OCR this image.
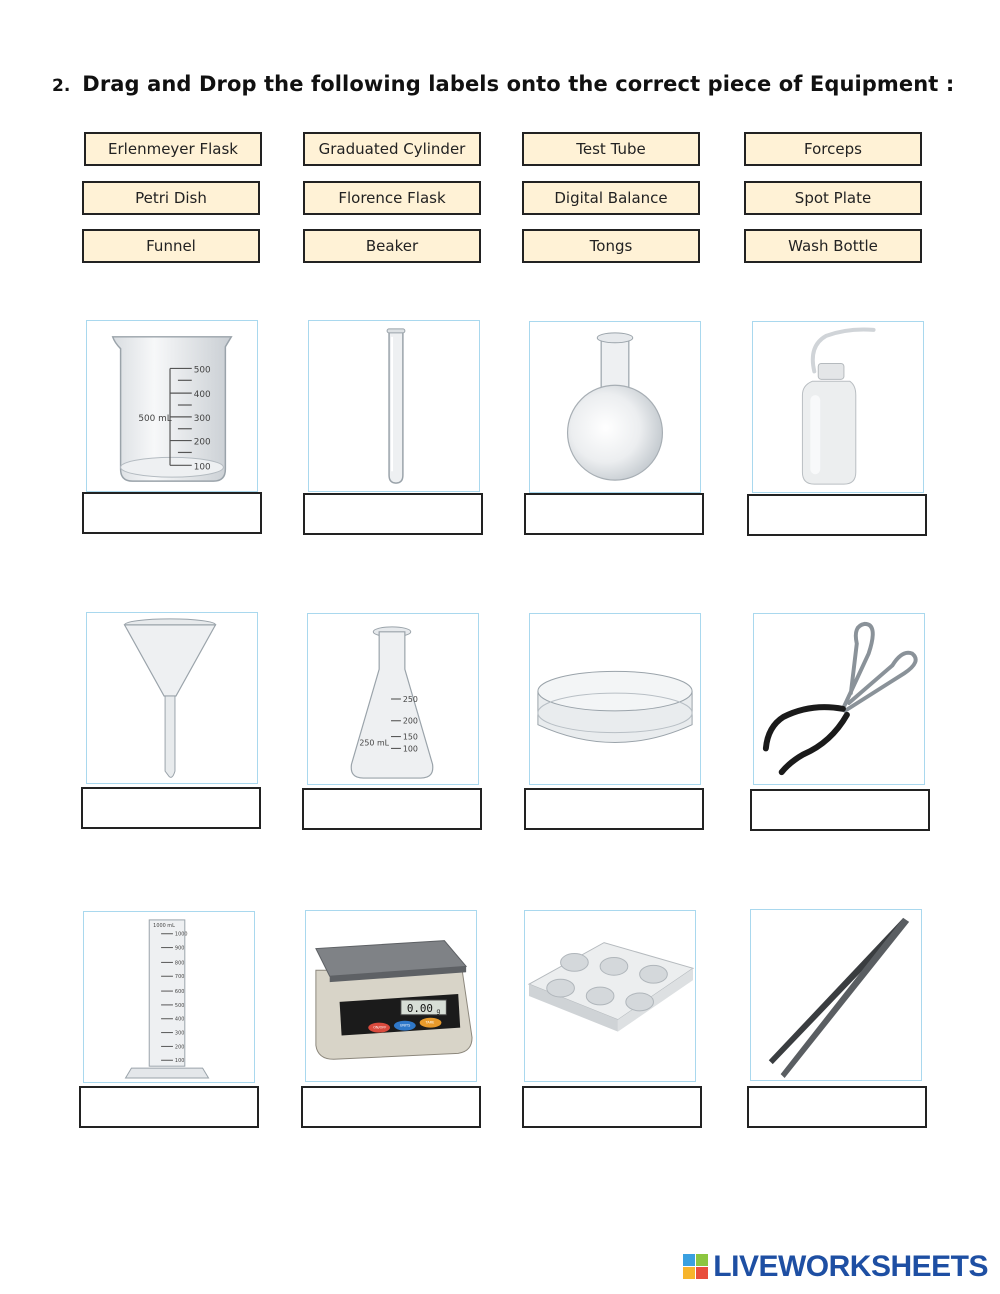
2. Drag and Drop the following labels onto the correct piece of Equipment :
Erlenmeyer Flask	Graduated Cylinder	Test Tube	Forceps
Petri Dish	Florence Flask	Digital Balance	Spot Plate
Funnel	Beaker	Tongs	Wash Bottle
500
400
300
200
100
500 mL
250
200
150
100
250 mL
1000 mL
1000
900
800
700
600
500
400
300
200
100
0.00 g
ON/OFF	UNITS
TARE
LIVEWORKSHEETS
